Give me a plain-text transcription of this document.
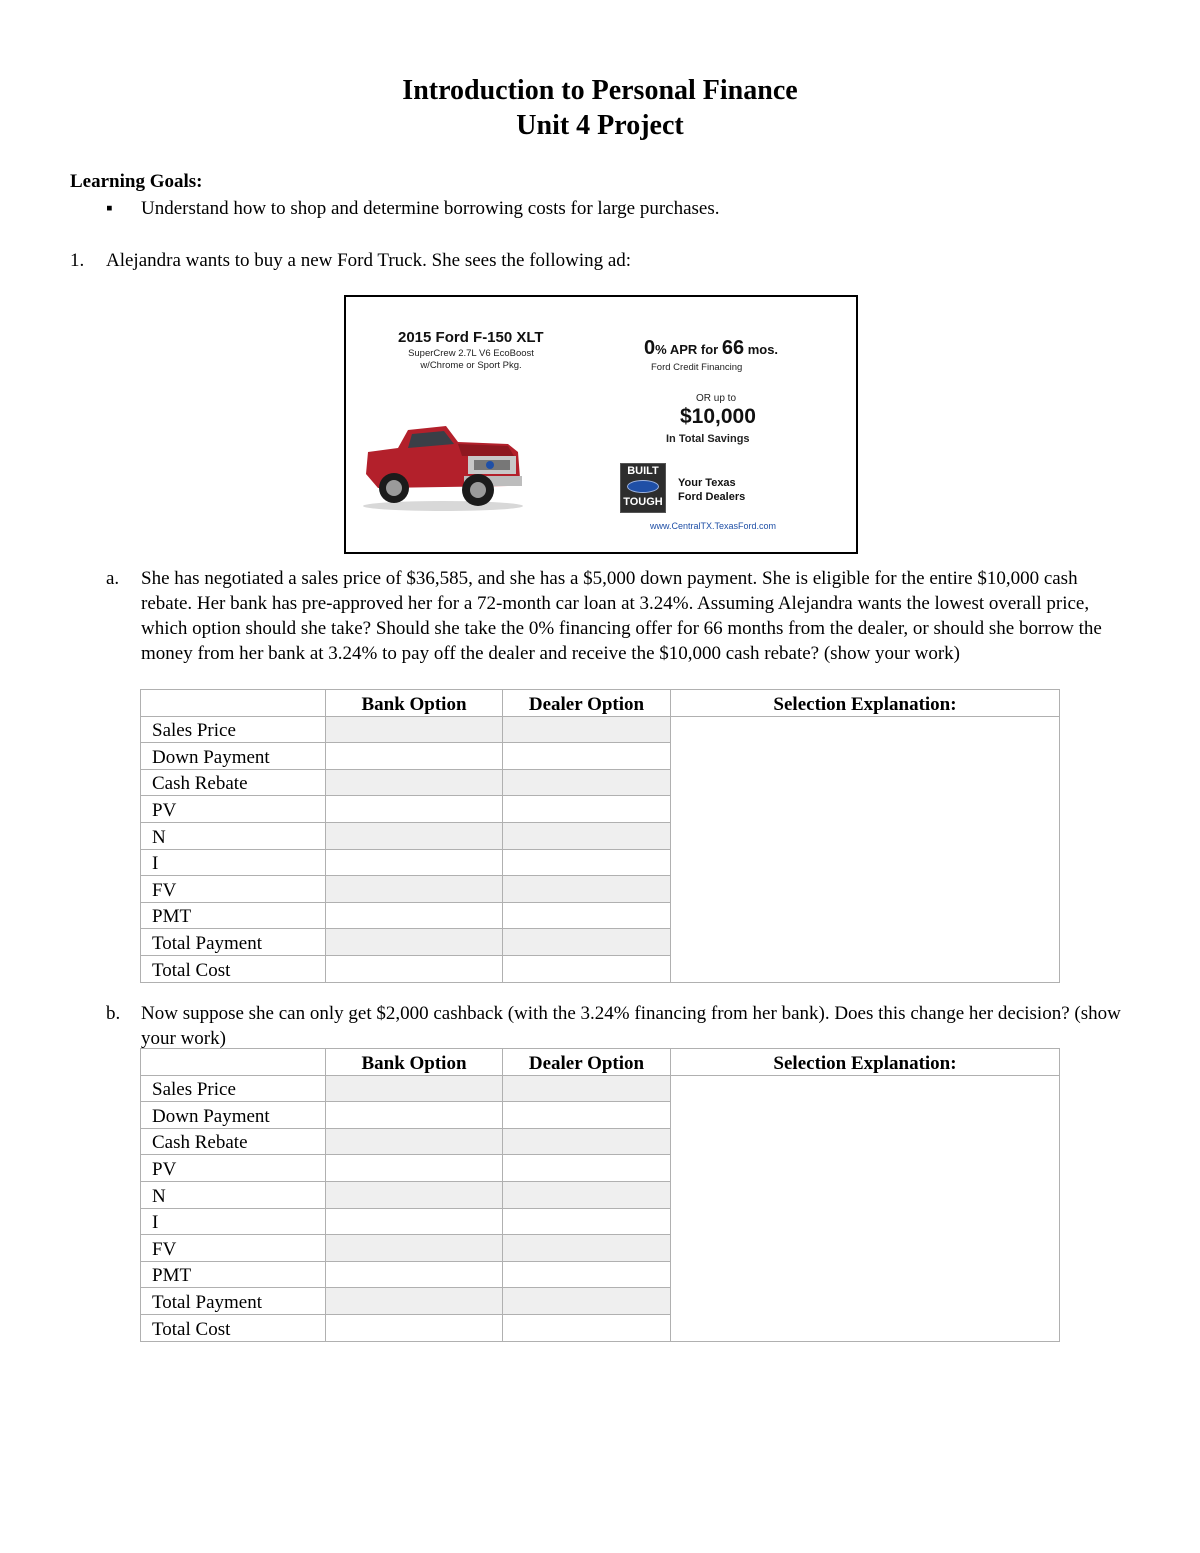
Introduction to Personal Finance
Unit 4 Project
Learning Goals:
▪ Understand how to shop and determine borrowing costs for large purchases.
1. Alejandra wants to buy a new Ford Truck. She sees the following ad:
2015 Ford F-150 XLT
SuperCrew 2.7L V6 EcoBoost
w/Chrome or Sport Pkg.
0% APR for 66 mos.
Ford Credit Financing
OR up to
$10,000
In Total Savings
BUILT
TOUGH
Your Texas
Ford Dealers
www.CentralTX.TexasFord.com
a. She has negotiated a sales price of $36,585, and she has a $5,000 down payment. She is eligible for the entire $10,000 cash rebate. Her bank has pre-approved her for a 72-month car loan at 3.24%. Assuming Alejandra wants the lowest overall price, which option should she take? Should she take the 0% financing offer for 66 months from the dealer, or should she borrow the money from her bank at 3.24% to pay off the dealer and receive the $10,000 cash rebate? (show your work)
	Bank Option	Dealer Option	Selection Explanation:
Sales Price			
Down Payment			
Cash Rebate			
PV			
N			
I			
FV			
PMT			
Total Payment			
Total Cost			
b. Now suppose she can only get $2,000 cashback (with the 3.24% financing from her bank). Does this change her decision? (show your work)
	Bank Option	Dealer Option	Selection Explanation:
Sales Price			
Down Payment			
Cash Rebate			
PV			
N			
I			
FV			
PMT			
Total Payment			
Total Cost			
